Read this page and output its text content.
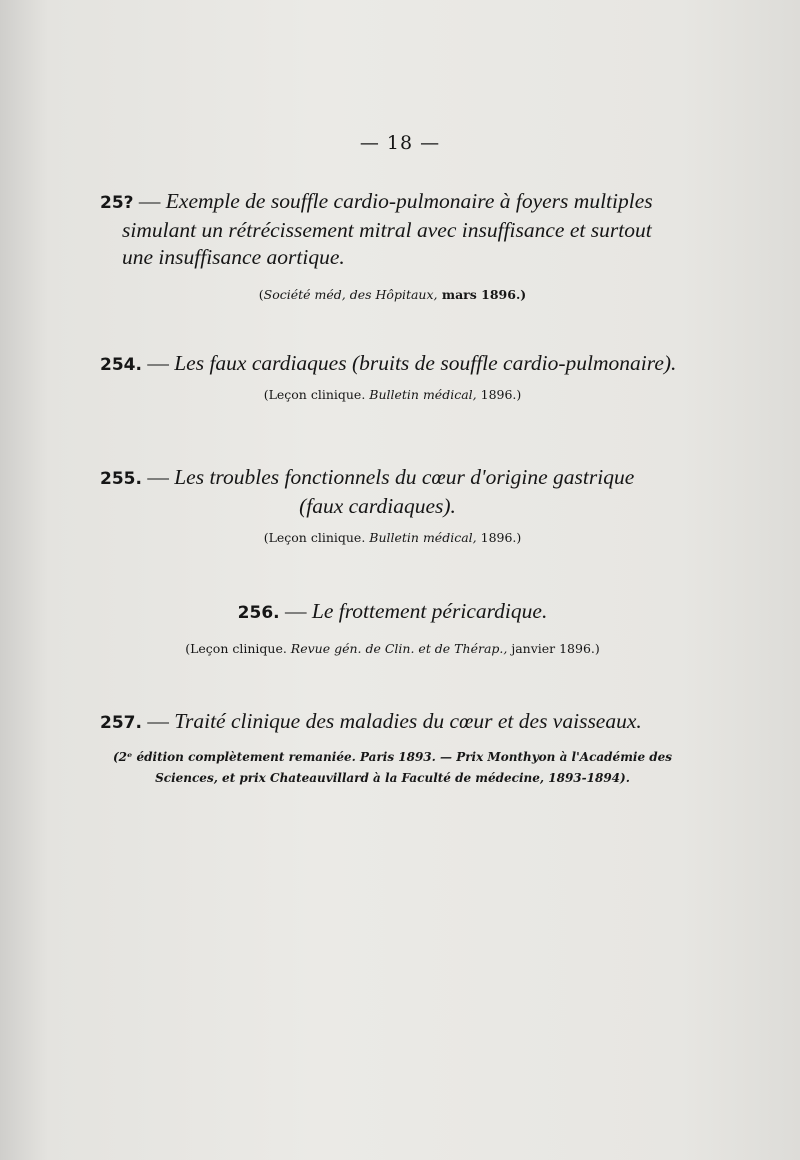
— 18 —

25? — Exemple de souffle cardio-pulmonaire à foyers multiples
simulant un rétrécissement mitral avec insuffisance et surtout
une insuffisance aortique.

(Société méd, des Hôpitaux, mars 1896.)

254. — Les faux cardiaques (bruits de souffle cardio-pulmonaire).

(Leçon clinique. Bulletin médical, 1896.)

255. — Les troubles fonctionnels du cœur d'origine gastrique
(faux cardiaques).

(Leçon clinique. Bulletin médical, 1896.)

256. — Le frottement péricardique.

(Leçon clinique. Revue gén. de Clin. et de Thérap., janvier 1896.)

257. — Traité clinique des maladies du cœur et des vaisseaux.

(2ᵉ édition complètement remaniée. Paris 1893. — Prix Monthyon à l'Académie des
Sciences, et prix Chateauvillard à la Faculté de médecine, 1893-1894).
